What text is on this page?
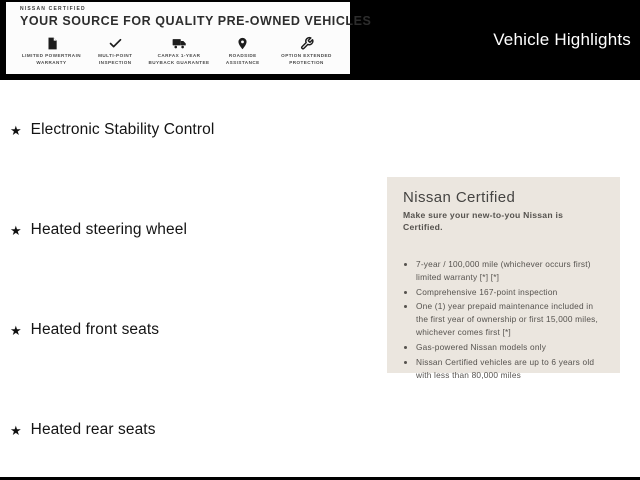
Vehicle Highlights
NISSAN CERTIFIED
YOUR SOURCE FOR QUALITY PRE-OWNED VEHICLES
LIMITED POWERTRAIN WARRANTY
MULTI-POINT INSPECTION
CARFAX 1-YEAR BUYBACK GUARANTEE
ROADSIDE ASSISTANCE
OPTION EXTENDED PROTECTION
★ Electronic Stability Control
★ Heated steering wheel
★ Heated front seats
★ Heated rear seats
Nissan Certified
Make sure your new-to-you Nissan is Certified.
• 7-year / 100,000 mile (whichever occurs first) limited warranty [*] [*]
• Comprehensive 167-point inspection
• One (1) year prepaid maintenance included in the first year of ownership or first 15,000 miles, whichever comes first [*]
• Gas-powered Nissan models only
• Nissan Certified vehicles are up to 6 years old with less than 80,000 miles
